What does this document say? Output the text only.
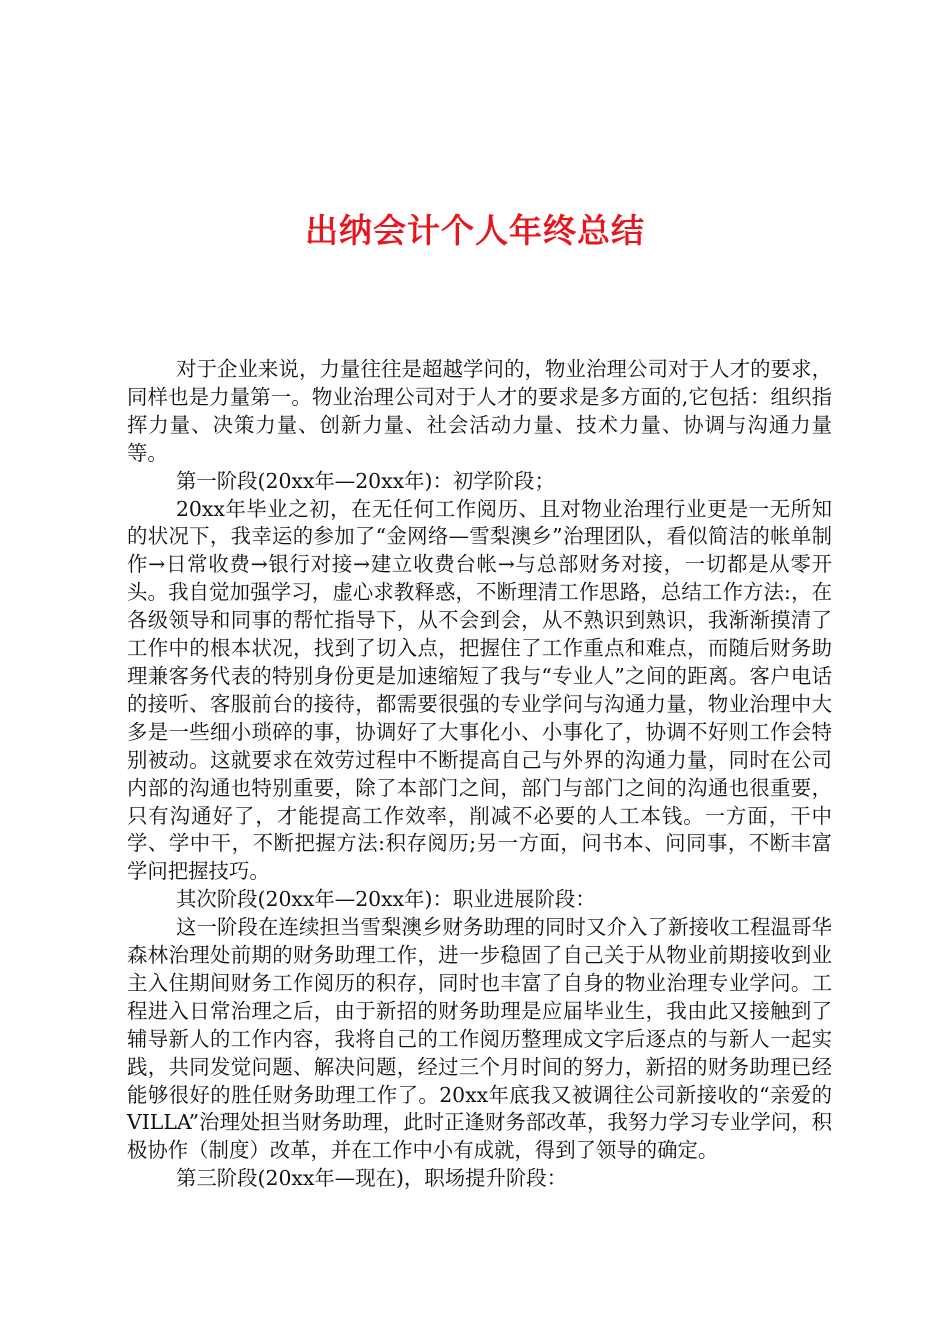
出纳会计个人年终总结

对于企业来说，力量往往是超越学问的，物业治理公司对于人才的要求，同样也是力量第一。物业治理公司对于人才的要求是多方面的,它包括：组织指挥力量、决策力量、创新力量、社会活动力量、技术力量、协调与沟通力量等。

第一阶段(20xx年—20xx年)：初学阶段；

20xx年毕业之初，在无任何工作阅历、且对物业治理行业更是一无所知的状况下，我幸运的参加了“金网络—雪梨澳乡”治理团队，看似简洁的帐单制作→日常收费→银行对接→建立收费台帐→与总部财务对接，一切都是从零开头。我自觉加强学习，虚心求教释惑，不断理清工作思路，总结工作方法:，在各级领导和同事的帮忙指导下，从不会到会，从不熟识到熟识，我渐渐摸清了工作中的根本状况，找到了切入点，把握住了工作重点和难点，而随后财务助理兼客务代表的特别身份更是加速缩短了我与“专业人”之间的距离。客户电话的接听、客服前台的接待，都需要很强的专业学问与沟通力量，物业治理中大多是一些细小琐碎的事，协调好了大事化小、小事化了，协调不好则工作会特别被动。这就要求在效劳过程中不断提高自己与外界的沟通力量，同时在公司内部的沟通也特别重要，除了本部门之间，部门与部门之间的沟通也很重要，只有沟通好了，才能提高工作效率，削减不必要的人工本钱。一方面，干中学、学中干，不断把握方法:积存阅历;另一方面，问书本、问同事，不断丰富学问把握技巧。

其次阶段(20xx年—20xx年)：职业进展阶段：

这一阶段在连续担当雪梨澳乡财务助理的同时又介入了新接收工程温哥华森林治理处前期的财务助理工作，进一步稳固了自己关于从物业前期接收到业主入住期间财务工作阅历的积存，同时也丰富了自身的物业治理专业学问。工程进入日常治理之后，由于新招的财务助理是应届毕业生，我由此又接触到了辅导新人的工作内容，我将自己的工作阅历整理成文字后逐点的与新人一起实践，共同发觉问题、解决问题，经过三个月时间的努力，新招的财务助理已经能够很好的胜任财务助理工作了。20xx年底我又被调往公司新接收的“亲爱的VILLA”治理处担当财务助理，此时正逢财务部改革，我努力学习专业学问，积极协作（制度）改革，并在工作中小有成就，得到了领导的确定。

第三阶段(20xx年—现在)，职场提升阶段：
